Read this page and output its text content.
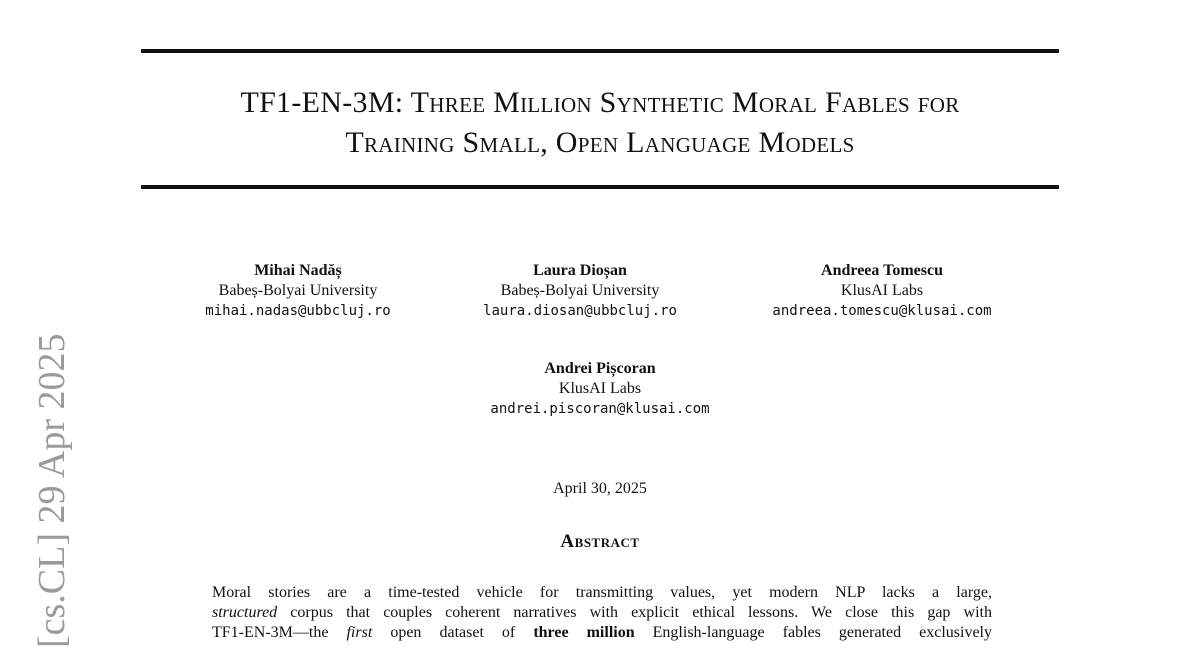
TF1-EN-3M: Three Million Synthetic Moral Fables for
Training Small, Open Language Models
Mihai Nadăș
Babeș-Bolyai University
mihai.nadas@ubbcluj.ro
Laura Dioșan
Babeș-Bolyai University
laura.diosan@ubbcluj.ro
Andreea Tomescu
KlusAI Labs
andreea.tomescu@klusai.com
Andrei Pișcoran
KlusAI Labs
andrei.piscoran@klusai.com
April 30, 2025
Abstract
Moral stories are a time-tested vehicle for transmitting values, yet modern NLP lacks a large,
structured corpus that couples coherent narratives with explicit ethical lessons. We close this gap with
TF1-EN-3M—the first open dataset of three million English-language fables generated exclusively
[cs.CL] 29 Apr 2025
